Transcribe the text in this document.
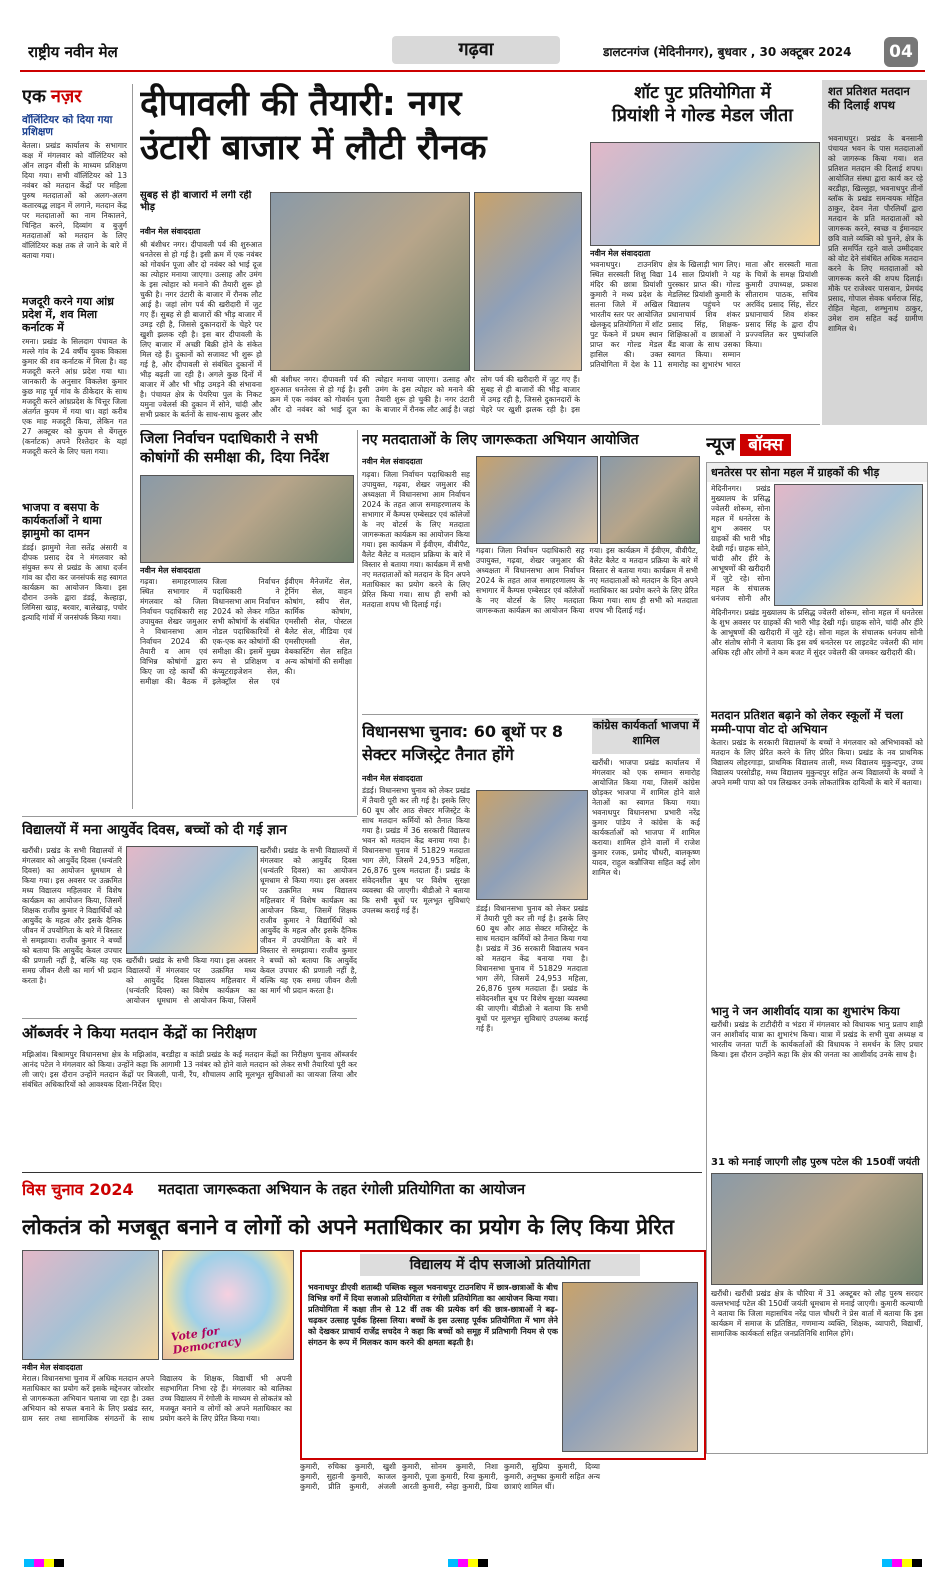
राष्ट्रीय नवीन मेल	गढ़वा	डालटनगंज (मेदिनीनगर), बुधवार , 30 अक्टूबर 2024	04
एक नज़र
वॉलिंटियर को दिया गया प्रशिक्षण
बेतला। प्रखंड कार्यालय के सभागार कक्ष में मंगलवार को वॉलिंटियर को ऑन लाइन वीसी के माध्यम प्रशिक्षण दिया गया। सभी वॉलिंटियर को 13 नवंबर को मतदान केंद्रों पर महिला पुरुष मतदाताओं को अलग-अलग कतारबद्ध लाइन में लगाने, मतदान केंद्र पर मतदाताओं का नाम निकालने, चिन्हित करने, दिव्यांग व बुजुर्ग मतदाताओं को मतदान के लिए वॉलिंटियर कक्ष तक ले जाने के बारे में बताया गया।
मजदूरी करने गया आंध्र प्रदेश में, शव मिला कर्नाटक में
रमना। प्रखंड के सिलदाग पंचायत के मल्ले गांव के 24 वर्षीय युवक विकास कुमार की शव कर्नाटक में मिला है। वह मजदूरी करने आंध्र प्रदेश गया था। जानकारी के अनुसार विकलेश कुमार कुछ माह पूर्व गांव के ठीकेदार के साथ मजदूरी करने आंध्रप्रदेश के चित्तूर जिला अंतर्गत कुपम में गया था। वहां करीब एक माह मजदूरी किया, लेकिन गत 27 अक्टूबर को कुपम से बेंगलुरु (कर्नाटक) अपने रिश्तेदार के यहां मजदूरी करने के लिए चला गया।
भाजपा व बसपा के कार्यकर्ताओं ने थामा झामुमो का दामन
डंडई। झामुमो नेता सतेंद्र अंसारी व दीपक प्रसाद देव ने मंगलवार को संयुक्त रूप से प्रखंड के आधा दर्जन गांव का दौरा कर जनसंपर्क सह स्वागत कार्यक्रम का आयोजन किया। इस दौरान उनके द्वारा डंडई, केल्हाड़ा, लिमिसा खाड़, बरवार, बालेखाड़, पचोर इत्यादि गांवों में जनसंपर्क किया गया।
दीपावली की तैयारी: नगर
उंटारी बाजार में लौटी रौनक
सुबह से ही बाजारों में लगी रही भीड़
नवीन मेल संवाददाता
श्री बंशीधर नगर। दीपावली पर्व की शुरुआत धनतेरस से हो गई है। इसी क्रम में एक नवंबर को गोवर्धन पूजा और दो नवंबर को भाई दूज का त्योहार मनाया जाएगा। उत्साह और उमंग के इस त्योहार को मनाने की तैयारी शुरू हो चुकी है। नगर उंटारी के बाजार में रौनक लौट आई है। जहां लोग पर्व की खरीदारी में जुट गए हैं। सुबह से ही बाजारों की भीड़ बाजार में उमड़ रही है, जिससे दुकानदारों के चेहरे पर खुशी झलक रही है। इस बार दीपावली के लिए बाजार में अच्छी बिक्री होने के संकेत मिल रहे हैं। दुकानों को सजावट भी शुरू हो गई है, और दीपावली से संबंधित दुकानों में भीड़ बढ़ती जा रही है। अगले कुछ दिनों में बाजार में और भी भीड़ उमड़ने की संभावना है। पंचायत क्षेत्र के पेयरिया पुल के निकट यमुना ज्वेलर्स की दुकान में सोने, चांदी और सभी प्रकार के बर्तनों के साथ-साथ कूलर और
श्री बंशीधर नगर। दीपावली पर्व की शुरुआत धनतेरस से हो गई है। इसी क्रम में एक नवंबर को गोवर्धन पूजा और दो नवंबर को भाई दूज का त्योहार मनाया जाएगा। उत्साह और उमंग के इस त्योहार को मनाने की तैयारी शुरू हो चुकी है। नगर उंटारी के बाजार में रौनक लौट आई है। जहां लोग पर्व की खरीदारी में जुट गए हैं। सुबह से ही बाजारों की भीड़ बाजार में उमड़ रही है, जिससे दुकानदारों के चेहरे पर खुशी झलक रही है। इस
शॉट पुट प्रतियोगिता में
प्रियांशी ने गोल्ड मेडल जीता
नवीन मेल संवाददाता
भवनाथपुर। टाउनशिप स्थित सरस्वती शिशु विद्या मंदिर की छात्रा प्रियांशी कुमारी ने मध्य प्रदेश के सतना जिले में अखिल भारतीय स्तर पर आयोजित खेलकूद प्रतियोगिता में शॉट पुट फेंकने में प्रथम स्थान प्राप्त कर गोल्ड मेडल हासिल की। उक्त प्रतियोगिता में देश के 11 क्षेत्र के खिलाड़ी भाग लिए। 14 साल प्रियांशी ने यह पुरस्कार प्राप्त की। गोल्ड मेडलिस्ट प्रियांशी कुमारी के विद्यालय पहुंचने पर प्रधानाचार्य शिव शंकर प्रसाद सिंह, शिक्षक-शिक्षिकाओं व छात्राओं ने बैंड बाजा के साथ उसका स्वागत किया। सम्मान समारोह का शुभारंभ भारत माता और सरस्वती माता के चित्रों के समक्ष प्रियांशी कुमारी उपाध्यक्ष, प्रकाश सीताराम पाठक, सचिव अरविंद प्रसाद सिंह, सेंटर प्रधानाचार्य शिव शंकर प्रसाद सिंह के द्वारा दीप प्रज्ज्वलित कर पुष्पांजलि किया।
शत प्रतिशत मतदान की दिलाई शपथ
भवनाथपुर। प्रखंड के बनसानी पंचायत भवन के पास मतदाताओं को जागरूक किया गया। शत प्रतिशत मतदान की दिलाई शपथ। आयोजित संस्था द्वारा कार्य कर रहे बरडीहा, खिल्लुहा, भवनाथपुर तीनों ब्लॉक के प्रखंड समन्वयक मोहित ठाकुर, देवन नेता पौरलियाँ द्वारा मतदान के प्रति मतदाताओं को जागरूक करने, स्वच्छ व ईमानदार छवि वाले व्यक्ति को चुनने, क्षेत्र के प्रति समर्पित रहने वाले उम्मीदवार को वोट देने संबंधित अधिक मतदान करने के लिए मतदाताओं को जागरूक करने की शपथ दिलाई। मौके पर राजेश्वर पासवान, प्रेमचंद प्रसाद, गोपाल सेवक धर्मराज सिंह, रोहित मेहता, शम्भुनाथ ठाकुर, उमेश राम सहित कई ग्रामीण शामिल थे।
जिला निर्वाचन पदाधिकारी ने सभी कोषांगों की समीक्षा की, दिया निर्देश
नवीन मेल संवाददाता
गढ़वा। समाहरणालय स्थित सभागार में मंगलवार को जिला निर्वाचन पदाधिकारी सह उपायुक्त शेखर जमुआर ने विधानसभा आम निर्वाचन 2024 की तैयारी व आम एवं विभिन्न कोषांगों द्वारा किए जा रहे कार्यों की समीक्षा की। बैठक में जिला निर्वाचन पदाधिकारी ने विधानसभा आम निर्वाचन 2024 को लेकर गठित सभी कोषांगों के संबंधित नोडल पदाधिकारियों से एक-एक कर कोषांगों की समीक्षा की। इसमें मुख्य रूप से प्रशिक्षण व कंप्यूटराइजेशन सेल, इलेक्ट्रॉल सेल एवं ईवीएम मैनेजमेंट सेल, ट्रेनिंग सेल, वाहन कोषांग, स्वीप सेल, कार्मिक कोषांग, एमसीसी सेल, पोस्टल बैलेट सेल, मीडिया एवं एमसीएमसी सेल, वेबकास्टिंग सेल सहित अन्य कोषांगों की समीक्षा की।
नए मतदाताओं के लिए जागरूकता अभियान आयोजित
नवीन मेल संवाददाता
गढ़वा। जिला निर्वाचन पदाधिकारी सह उपायुक्त, गढ़वा, शेखर जमुआर की अध्यक्षता में विधानसभा आम निर्वाचन 2024 के तहत आज समाहरणालय के सभागार में कैम्पस एम्बेसडर एवं कॉलेजों के नए वोटर्स के लिए मतदाता जागरूकता कार्यक्रम का आयोजन किया गया। इस कार्यक्रम में ईवीएम, वीवीपैट, वैलेट बैलेट व मतदान प्रक्रिया के बारे में विस्तार से बताया गया। कार्यक्रम में सभी नए मतदाताओं को मतदान के दिन अपने मताधिकार का प्रयोग करने के लिए प्रेरित किया गया। साथ ही सभी को मतदाता शपथ भी दिलाई गई।
गढ़वा। जिला निर्वाचन पदाधिकारी सह उपायुक्त, गढ़वा, शेखर जमुआर की अध्यक्षता में विधानसभा आम निर्वाचन 2024 के तहत आज समाहरणालय के सभागार में कैम्पस एम्बेसडर एवं कॉलेजों के नए वोटर्स के लिए मतदाता जागरूकता कार्यक्रम का आयोजन किया गया। इस कार्यक्रम में ईवीएम, वीवीपैट, वैलेट बैलेट व मतदान प्रक्रिया के बारे में विस्तार से बताया गया। कार्यक्रम में सभी नए मतदाताओं को मतदान के दिन अपने मताधिकार का प्रयोग करने के लिए प्रेरित किया गया। साथ ही सभी को मतदाता शपथ भी दिलाई गई।
न्यूज बॉक्स
धनतेरस पर सोना महल में ग्राहकों की भीड़
मेदिनीनगर। प्रखंड मुख्यालय के प्रसिद्ध ज्वेलरी शोरूम, सोना महल में धनतेरस के शुभ अवसर पर ग्राहकों की भारी भीड़ देखी गई। ग्राहक सोने, चांदी और हीरे के आभूषणों की खरीदारी में जुटे रहे। सोना महल के संचालक धनंजय सोनी और
मेदिनीनगर। प्रखंड मुख्यालय के प्रसिद्ध ज्वेलरी शोरूम, सोना महल में धनतेरस के शुभ अवसर पर ग्राहकों की भारी भीड़ देखी गई। ग्राहक सोने, चांदी और हीरे के आभूषणों की खरीदारी में जुटे रहे। सोना महल के संचालक धनंजय सोनी और संतोष सोनी ने बताया कि इस वर्ष धनतेरस पर लाइटवेट ज्वेलरी की मांग अधिक रही और लोगों ने कम बजट में सुंदर ज्वेलरी की जमकर खरीदारी की।
मतदान प्रतिशत बढ़ाने को लेकर स्कूलों में चला मम्मी-पापा वोट दो अभियान
केतार। प्रखंड के सरकारी विद्यालयों के बच्चों ने मंगलवार को अभिभावकों को मतदान के लिए प्रेरित करने के लिए प्रेरित किया। प्रखंड के नव प्राथमिक विद्यालय लोहरगाड़ा, प्राथमिक विद्यालय ताली, मध्य विद्यालय मुकुन्दपुर, उच्च विद्यालय परसोडीह, मध्य विद्यालय मुकुन्दपुर सहित अन्य विद्यालयों के बच्चों ने अपने मम्मी पापा को पत्र लिखकर उनके लोकतांत्रिक दायित्वों के बारे में बताया।
भानु ने जन आशीर्वाद यात्रा का शुभारंभ किया
खरौंधी। प्रखंड के टाटीदीरी व भंडरा में मंगलवार को विधायक भानु प्रताप शाही जन आशीर्वाद यात्रा का शुभारंभ किया। यात्रा में प्रखंड के सभी युवा अध्यक्ष व भारतीय जनता पार्टी के कार्यकर्ताओं की विधायक ने समर्थन के लिए प्रचार किया। इस दौरान उन्होंने कहा कि क्षेत्र की जनता का आशीर्वाद उनके साथ है।
31 को मनाई जाएगी लौह पुरुष पटेल की 150वीं जयंती
खरौंधी। खरौंधी प्रखंड क्षेत्र के चौरिया में 31 अक्टूबर को लौह पुरुष सरदार वल्लभभाई पटेल की 150वीं जयंती धूमधाम से मनाई जाएगी। कुमारी कल्याणी ने बताया कि जिला महासचिव नरेंद्र पाल चौधरी ने प्रेस वार्ता में बताया कि इस कार्यक्रम में समाज के प्रतिष्ठित, गणमान्य व्यक्ति, शिक्षक, व्यापारी, विद्यार्थी, सामाजिक कार्यकर्ता सहित जनप्रतिनिधि शामिल होंगे।
विधानसभा चुनाव: 60 बूथों पर 8 सेक्टर मजिस्ट्रेट तैनात होंगे
नवीन मेल संवाददाता
डंडई। विधानसभा चुनाव को लेकर प्रखंड में तैयारी पूरी कर ली गई है। इसके लिए 60 बूथ और आठ सेक्टर मजिस्ट्रेट के साथ मतदान कर्मियों को तैनात किया गया है। प्रखंड में 36 सरकारी विद्यालय भवन को मतदान केंद्र बनाया गया है। विधानसभा चुनाव में 51829 मतदाता भाग लेंगे, जिसमें 24,953 महिला, 26,876 पुरुष मतदाता हैं। प्रखंड के संवेदनशील बूथ पर विशेष सुरक्षा व्यवस्था की जाएगी। बीडीओ ने बताया कि सभी बूथों पर मूलभूत सुविधाएं उपलब्ध कराई गई हैं।	डंडई। विधानसभा चुनाव को लेकर प्रखंड में तैयारी पूरी कर ली गई है। इसके लिए 60 बूथ और आठ सेक्टर मजिस्ट्रेट के साथ मतदान कर्मियों को तैनात किया गया है। प्रखंड में 36 सरकारी विद्यालय भवन को मतदान केंद्र बनाया गया है। विधानसभा चुनाव में 51829 मतदाता भाग लेंगे, जिसमें 24,953 महिला, 26,876 पुरुष मतदाता हैं। प्रखंड के संवेदनशील बूथ पर विशेष सुरक्षा व्यवस्था की जाएगी। बीडीओ ने बताया कि सभी बूथों पर मूलभूत सुविधाएं उपलब्ध कराई गई हैं।
कांग्रेस कार्यकर्ता भाजपा में शामिल
खरौंधी। भाजपा प्रखंड कार्यालय में मंगलवार को एक सम्मान समारोह आयोजित किया गया, जिसमें कांग्रेस छोड़कर भाजपा में शामिल होने वाले नेताओं का स्वागत किया गया। भवनाथपुर विधानसभा प्रभारी नरेंद्र कुमार पांडेय ने कांग्रेस के कई कार्यकर्ताओं को भाजपा में शामिल कराया। शामिल होने वालों में राजेश कुमार रजक, प्रमोद चौधरी, बालकृष्ण यादव, राहुल कन्नौजिया सहित कई लोग शामिल थे।
विद्यालयों में मना आयुर्वेद दिवस, बच्चों को दी गई ज्ञान
खरौंधी। प्रखंड के सभी विद्यालयों में मंगलवार को आयुर्वेद दिवस (धन्वंतरि दिवस) का आयोजन धूमधाम से किया गया। इस अवसर पर उत्क्रमित मध्य विद्यालय महिलवार में विशेष कार्यक्रम का आयोजन किया, जिसमें शिक्षक राजीव कुमार ने विद्यार्थियों को आयुर्वेद के महत्व और इसके दैनिक जीवन में उपयोगिता के बारे में विस्तार से समझाया। राजीव कुमार ने बच्चों को बताया कि आयुर्वेद केवल उपचार की प्रणाली नहीं है, बल्कि यह एक समग्र जीवन शैली का मार्ग भी प्रदान करता है।
खरौंधी। प्रखंड के सभी विद्यालयों में मंगलवार को आयुर्वेद दिवस (धन्वंतरि दिवस) का आयोजन धूमधाम से किया गया। इस अवसर पर उत्क्रमित मध्य विद्यालय महिलवार में विशेष कार्यक्रम का आयोजन किया, जिसमें
खरौंधी। प्रखंड के सभी विद्यालयों में मंगलवार को आयुर्वेद दिवस (धन्वंतरि दिवस) का आयोजन धूमधाम से किया गया। इस अवसर पर उत्क्रमित मध्य विद्यालय महिलवार में विशेष कार्यक्रम का आयोजन किया, जिसमें शिक्षक राजीव कुमार ने विद्यार्थियों को आयुर्वेद के महत्व और इसके दैनिक जीवन में उपयोगिता के बारे में विस्तार से समझाया। राजीव कुमार ने बच्चों को बताया कि आयुर्वेद केवल उपचार की प्रणाली नहीं है, बल्कि यह एक समग्र जीवन शैली का मार्ग भी प्रदान करता है।
ऑब्जर्वर ने किया मतदान केंद्रों का निरीक्षण
मझिआंव। बिश्रामपुर विधानसभा क्षेत्र के मझिआंव, बरडीहा व कांडी प्रखंड के कई मतदान केंद्रों का निरीक्षण चुनाव ऑब्जर्वर आनंद पटेल ने मंगलवार को किया। उन्होंने कहा कि आगामी 13 नवंबर को होने वाले मतदान को लेकर सभी तैयारियां पूरी कर ली जाएं। इस दौरान उन्होंने मतदान केंद्रों पर बिजली, पानी, रैंप, शौचालय आदि मूलभूत सुविधाओं का जायजा लिया और संबंधित अधिकारियों को आवश्यक दिशा-निर्देश दिए।
विस चुनाव 2024	मतदाता जागरूकता अभियान के तहत रंगोली प्रतियोगिता का आयोजन
लोकतंत्र को मजबूत बनाने व लोगों को अपने मताधिकार का प्रयोग के लिए किया प्रेरित
Vote for Democracy
नवीन मेल संवाददाता
मेराल। विधानसभा चुनाव में अधिक मतदान अपने मताधिकार का प्रयोग करें इसके मद्देनजर जोरशोर से जागरूकता अभियान चलाया जा रहा है। उक्त अभियान को सफल बनाने के लिए प्रखंड स्तर, ग्राम स्तर तथा सामाजिक संगठनों के साथ विद्यालय के शिक्षक, विद्यार्थी भी अपनी सहभागिता निभा रहे हैं। मंगलवार को बालिका उच्च विद्यालय में रंगोली के माध्यम से लोकतंत्र को मजबूत बनाने व लोगों को अपने मताधिकार का प्रयोग करने के लिए प्रेरित किया गया।
विद्यालय में दीप सजाओ प्रतियोगिता
भवनाथपुर डीएवी शताब्दी पब्लिक स्कूल भवनाथपुर टाउनशिप में छात्र-छात्राओं के बीच विभिन्न वर्गों में दिया सजाओ प्रतियोगिता व रंगोली प्रतियोगिता का आयोजन किया गया। प्रतियोगिता में कक्षा तीन से 12 वीं तक की प्रत्येक वर्ग की छात्र-छात्राओं ने बढ़-चढ़कर उत्साह पूर्वक हिस्सा लिया। बच्चों के इस उत्साह पूर्वक प्रतियोगिता में भाग लेने को देखकर प्राचार्य राजेंद्र सचदेव ने कहा कि बच्चों को समूह में प्रतिभागी नियम से एक संगठन के रूप में मिलकर काम करने की क्षमता बढ़ती है।
कुमारी, रुचिका कुमारी, खुशी कुमारी, सुहानी कुमारी, काजल कुमारी, प्रीति कुमारी, अंजली कुमारी, सोनम कुमारी, निशा कुमारी, पूजा कुमारी, रिया कुमारी, आरती कुमारी, स्नेहा कुमारी, प्रिया कुमारी, सुप्रिया कुमारी, दिव्या कुमारी, अनुष्का कुमारी सहित अन्य छात्राएं शामिल थीं।
